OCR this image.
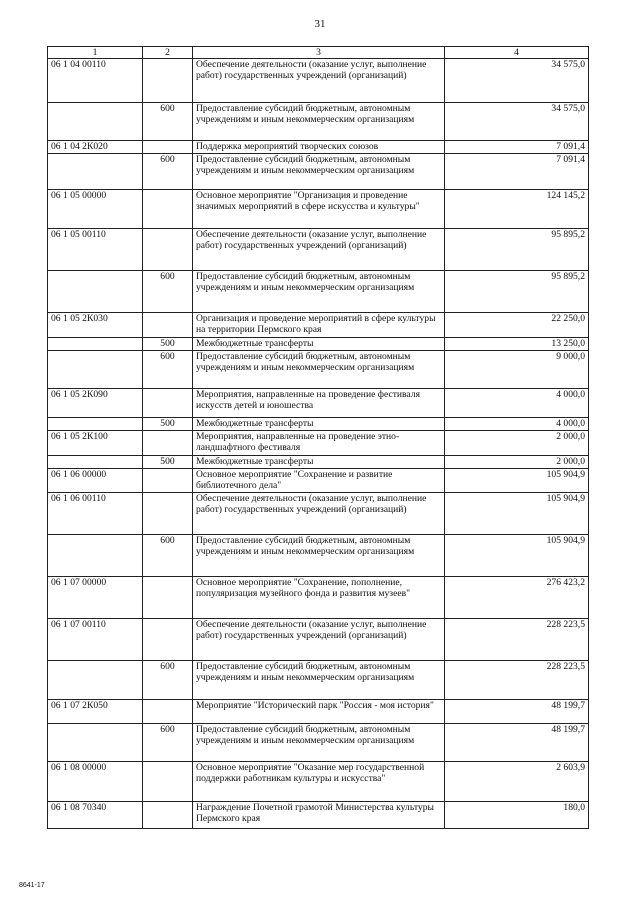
31
1	2	3	4
06 1 04 00110		Обеспечение деятельности (оказание услуг, выполнение работ) государственных учреждений (организаций)	34 575,0
	600	Предоставление субсидий бюджетным, автономным учреждениям и иным некоммерческим организациям	34 575,0
06 1 04 2К020		Поддержка мероприятий творческих союзов	7 091,4
	600	Предоставление субсидий бюджетным, автономным учреждениям и иным некоммерческим организациям	7 091,4
06 1 05 00000		Основное мероприятие "Организация и проведение значимых мероприятий в сфере искусства и культуры"	124 145,2
06 1 05 00110		Обеспечение деятельности (оказание услуг, выполнение работ) государственных учреждений (организаций)	95 895,2
	600	Предоставление субсидий бюджетным, автономным учреждениям и иным некоммерческим организациям	95 895,2
06 1 05 2К030		Организация и проведение мероприятий в сфере культуры на территории Пермского края	22 250,0
	500	Межбюджетные трансферты	13 250,0
	600	Предоставление субсидий бюджетным, автономным учреждениям и иным некоммерческим организациям	9 000,0
06 1 05 2К090		Мероприятия, направленные на проведение фестиваля искусств детей и юношества	4 000,0
	500	Межбюджетные трансферты	4 000,0
06 1 05 2К100		Мероприятия, направленные на проведение этно-ландшафтного фестиваля	2 000,0
	500	Межбюджетные трансферты	2 000,0
06 1 06 00000		Основное мероприятие "Сохранение и развитие библиотечного дела"	105 904,9
06 1 06 00110		Обеспечение деятельности (оказание услуг, выполнение работ) государственных учреждений (организаций)	105 904,9
	600	Предоставление субсидий бюджетным, автономным учреждениям и иным некоммерческим организациям	105 904,9
06 1 07 00000		Основное мероприятие "Сохранение, пополнение, популяризация музейного фонда и развития музеев"	276 423,2
06 1 07 00110		Обеспечение деятельности (оказание услуг, выполнение работ) государственных учреждений (организаций)	228 223,5
	600	Предоставление субсидий бюджетным, автономным учреждениям и иным некоммерческим организациям	228 223,5
06 1 07 2К050		Мероприятие "Исторический парк "Россия - моя история"	48 199,7
	600	Предоставление субсидий бюджетным, автономным учреждениям и иным некоммерческим организациям	48 199,7
06 1 08 00000		Основное мероприятие "Оказание мер государственной поддержки работникам культуры и искусства"	2 603,9
06 1 08 70340		Награждение Почетной грамотой Министерства культуры Пермского края	180,0
8641-17
